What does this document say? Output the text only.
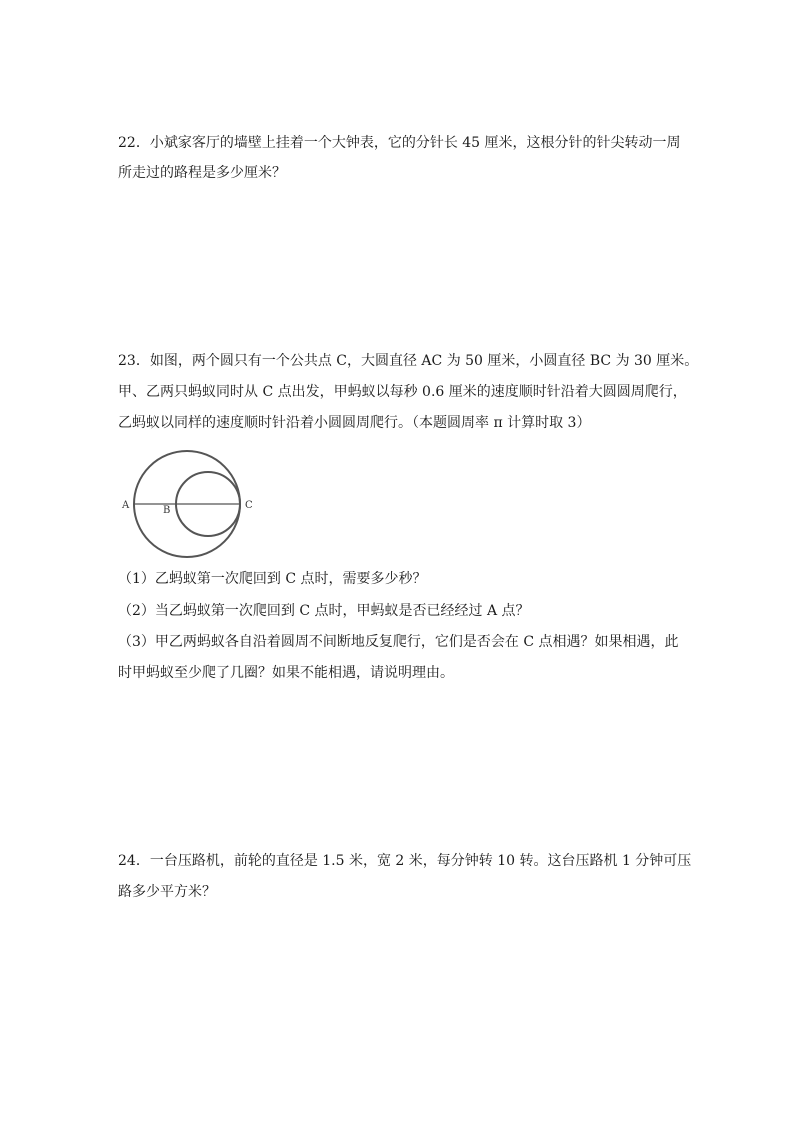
22．小斌家客厅的墙壁上挂着一个大钟表，它的分针长 45 厘米，这根分针的针尖转动一周
所走过的路程是多少厘米？
23．如图，两个圆只有一个公共点 C，大圆直径 AC 为 50 厘米，小圆直径 BC 为 30 厘米。
甲、乙两只蚂蚁同时从 C 点出发，甲蚂蚁以每秒 0.6 厘米的速度顺时针沿着大圆圆周爬行，
乙蚂蚁以同样的速度顺时针沿着小圆圆周爬行。（本题圆周率 π 计算时取 3）
A	B	C
（1）乙蚂蚁第一次爬回到 C 点时，需要多少秒？
（2）当乙蚂蚁第一次爬回到 C 点时，甲蚂蚁是否已经经过 A 点？
（3）甲乙两蚂蚁各自沿着圆周不间断地反复爬行，它们是否会在 C 点相遇？如果相遇，此
时甲蚂蚁至少爬了几圈？如果不能相遇，请说明理由。
24．一台压路机，前轮的直径是 1.5 米，宽 2 米，每分钟转 10 转。这台压路机 1 分钟可压
路多少平方米？
